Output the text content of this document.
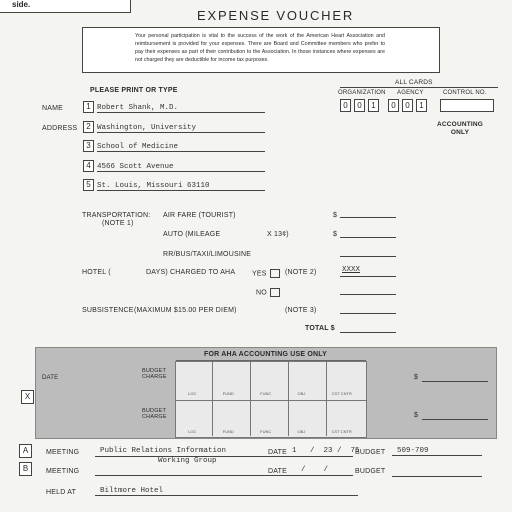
side.
EXPENSE VOUCHER
Your personal participation is vital to the success of the work of the American Heart Association and reimbursement is provided for your expenses. There are Board and Committee members who prefer to pay their expenses as part of their contribution to the Association. In those instances where expenses are not charged they are deductible for income tax purposes.
PLEASE PRINT OR TYPE
ALL CARDS
ORGANIZATION AGENCY	CONTROL NO.
0	0	1	0	0	1
ACCOUNTING
ONLY
NAME
ADDRESS
1 Robert Shank, M.D.
2 Washington, University
3 School of Medicine
4 4566 Scott Avenue
5 St. Louis, Missouri 63110
TRANSPORTATION:
(NOTE 1)
AIR FARE (TOURIST)	$
AUTO (MILEAGE	X 13¢)	$
RR/BUS/TAXI/LIMOUSINE
HOTEL (	DAYS) CHARGED TO AHA YES	(NOTE 2)	XXXX
NO
SUBSISTENCE (MAXIMUM $15.00 PER DIEM)	(NOTE 3)
TOTAL $
FOR AHA ACCOUNTING USE ONLY
DATE
BUDGET
CHARGE
BUDGET
CHARGE
$
$
LOC	FUND	FUNC	OBJ	CST CNTR
LOC	FUND	FUNC	OBJ	CST CNTR
X
A	MEETING	Public Relations Information
Working Group
DATE 1   /  23 /  75
BUDGET	509-709
B	MEETING	DATE /    /	BUDGET
HELD AT	Biltmore Hotel
